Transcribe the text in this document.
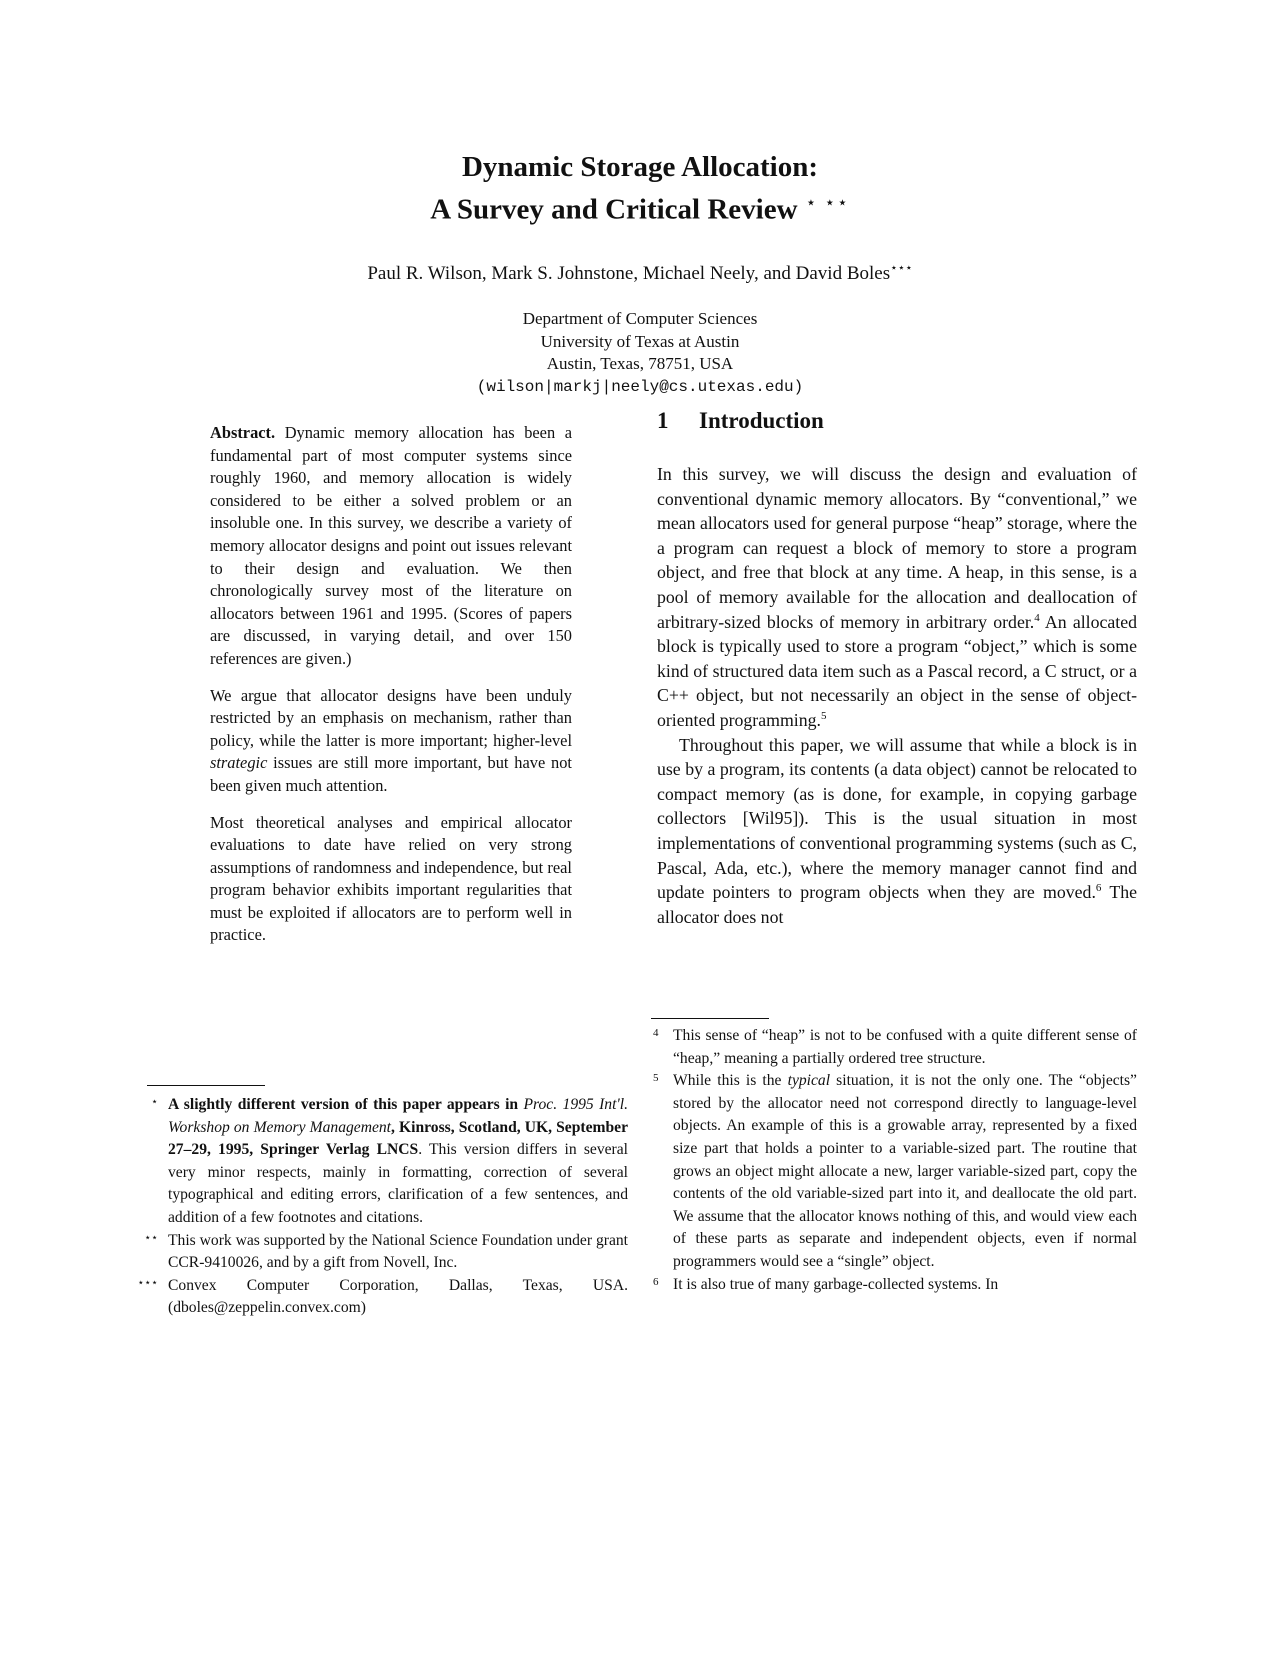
Dynamic Storage Allocation:
A Survey and Critical Review ⋆ ⋆⋆
Paul R. Wilson, Mark S. Johnstone, Michael Neely, and David Boles⋆⋆⋆
Department of Computer Sciences
University of Texas at Austin
Austin, Texas, 78751, USA
(wilson|markj|neely@cs.utexas.edu)

Abstract. Dynamic memory allocation has been a fundamental part of most computer systems since roughly 1960, and memory allocation is widely considered to be either a solved problem or an insoluble one. In this survey, we describe a variety of memory allocator designs and point out issues relevant to their design and evaluation. We then chronologically survey most of the literature on allocators between 1961 and 1995. (Scores of papers are discussed, in varying detail, and over 150 references are given.)

We argue that allocator designs have been unduly restricted by an emphasis on mechanism, rather than policy, while the latter is more important; higher-level strategic issues are still more important, but have not been given much attention.

Most theoretical analyses and empirical allocator evaluations to date have relied on very strong assumptions of randomness and independence, but real program behavior exhibits important regularities that must be exploited if allocators are to perform well in practice.

1 Introduction

In this survey, we will discuss the design and evaluation of conventional dynamic memory allocators. By “conventional,” we mean allocators used for general purpose “heap” storage, where the a program can request a block of memory to store a program object, and free that block at any time. A heap, in this sense, is a pool of memory available for the allocation and deallocation of arbitrary-sized blocks of memory in arbitrary order.$^4$ An allocated block is typically used to store a program “object,” which is some kind of structured data item such as a Pascal record, a C struct, or a C++ object, but not necessarily an object in the sense of object-oriented programming.$^5$

Throughout this paper, we will assume that while a block is in use by a program, its contents (a data object) cannot be relocated to compact memory (as is done, for example, in copying garbage collectors [Wil95]). This is the usual situation in most implementations of conventional programming systems (such as C, Pascal, Ada, etc.), where the memory manager cannot find and update pointers to program objects when they are moved.$^6$ The allocator does not

⋆ A slightly different version of this paper appears in Proc. 1995 Int'l. Workshop on Memory Management, Kinross, Scotland, UK, September 27–29, 1995, Springer Verlag LNCS. This version differs in several very minor respects, mainly in formatting, correction of several typographical and editing errors, clarification of a few sentences, and addition of a few footnotes and citations.
⋆⋆ This work was supported by the National Science Foundation under grant CCR-9410026, and by a gift from Novell, Inc.
⋆⋆⋆ Convex Computer Corporation, Dallas, Texas, USA. (dboles@zeppelin.convex.com)
4 This sense of “heap” is not to be confused with a quite different sense of “heap,” meaning a partially ordered tree structure.
5 While this is the typical situation, it is not the only one. The “objects” stored by the allocator need not correspond directly to language-level objects. An example of this is a growable array, represented by a fixed size part that holds a pointer to a variable-sized part. The routine that grows an object might allocate a new, larger variable-sized part, copy the contents of the old variable-sized part into it, and deallocate the old part. We assume that the allocator knows nothing of this, and would view each of these parts as separate and independent objects, even if normal programmers would see a “single” object.
6 It is also true of many garbage-collected systems. In
